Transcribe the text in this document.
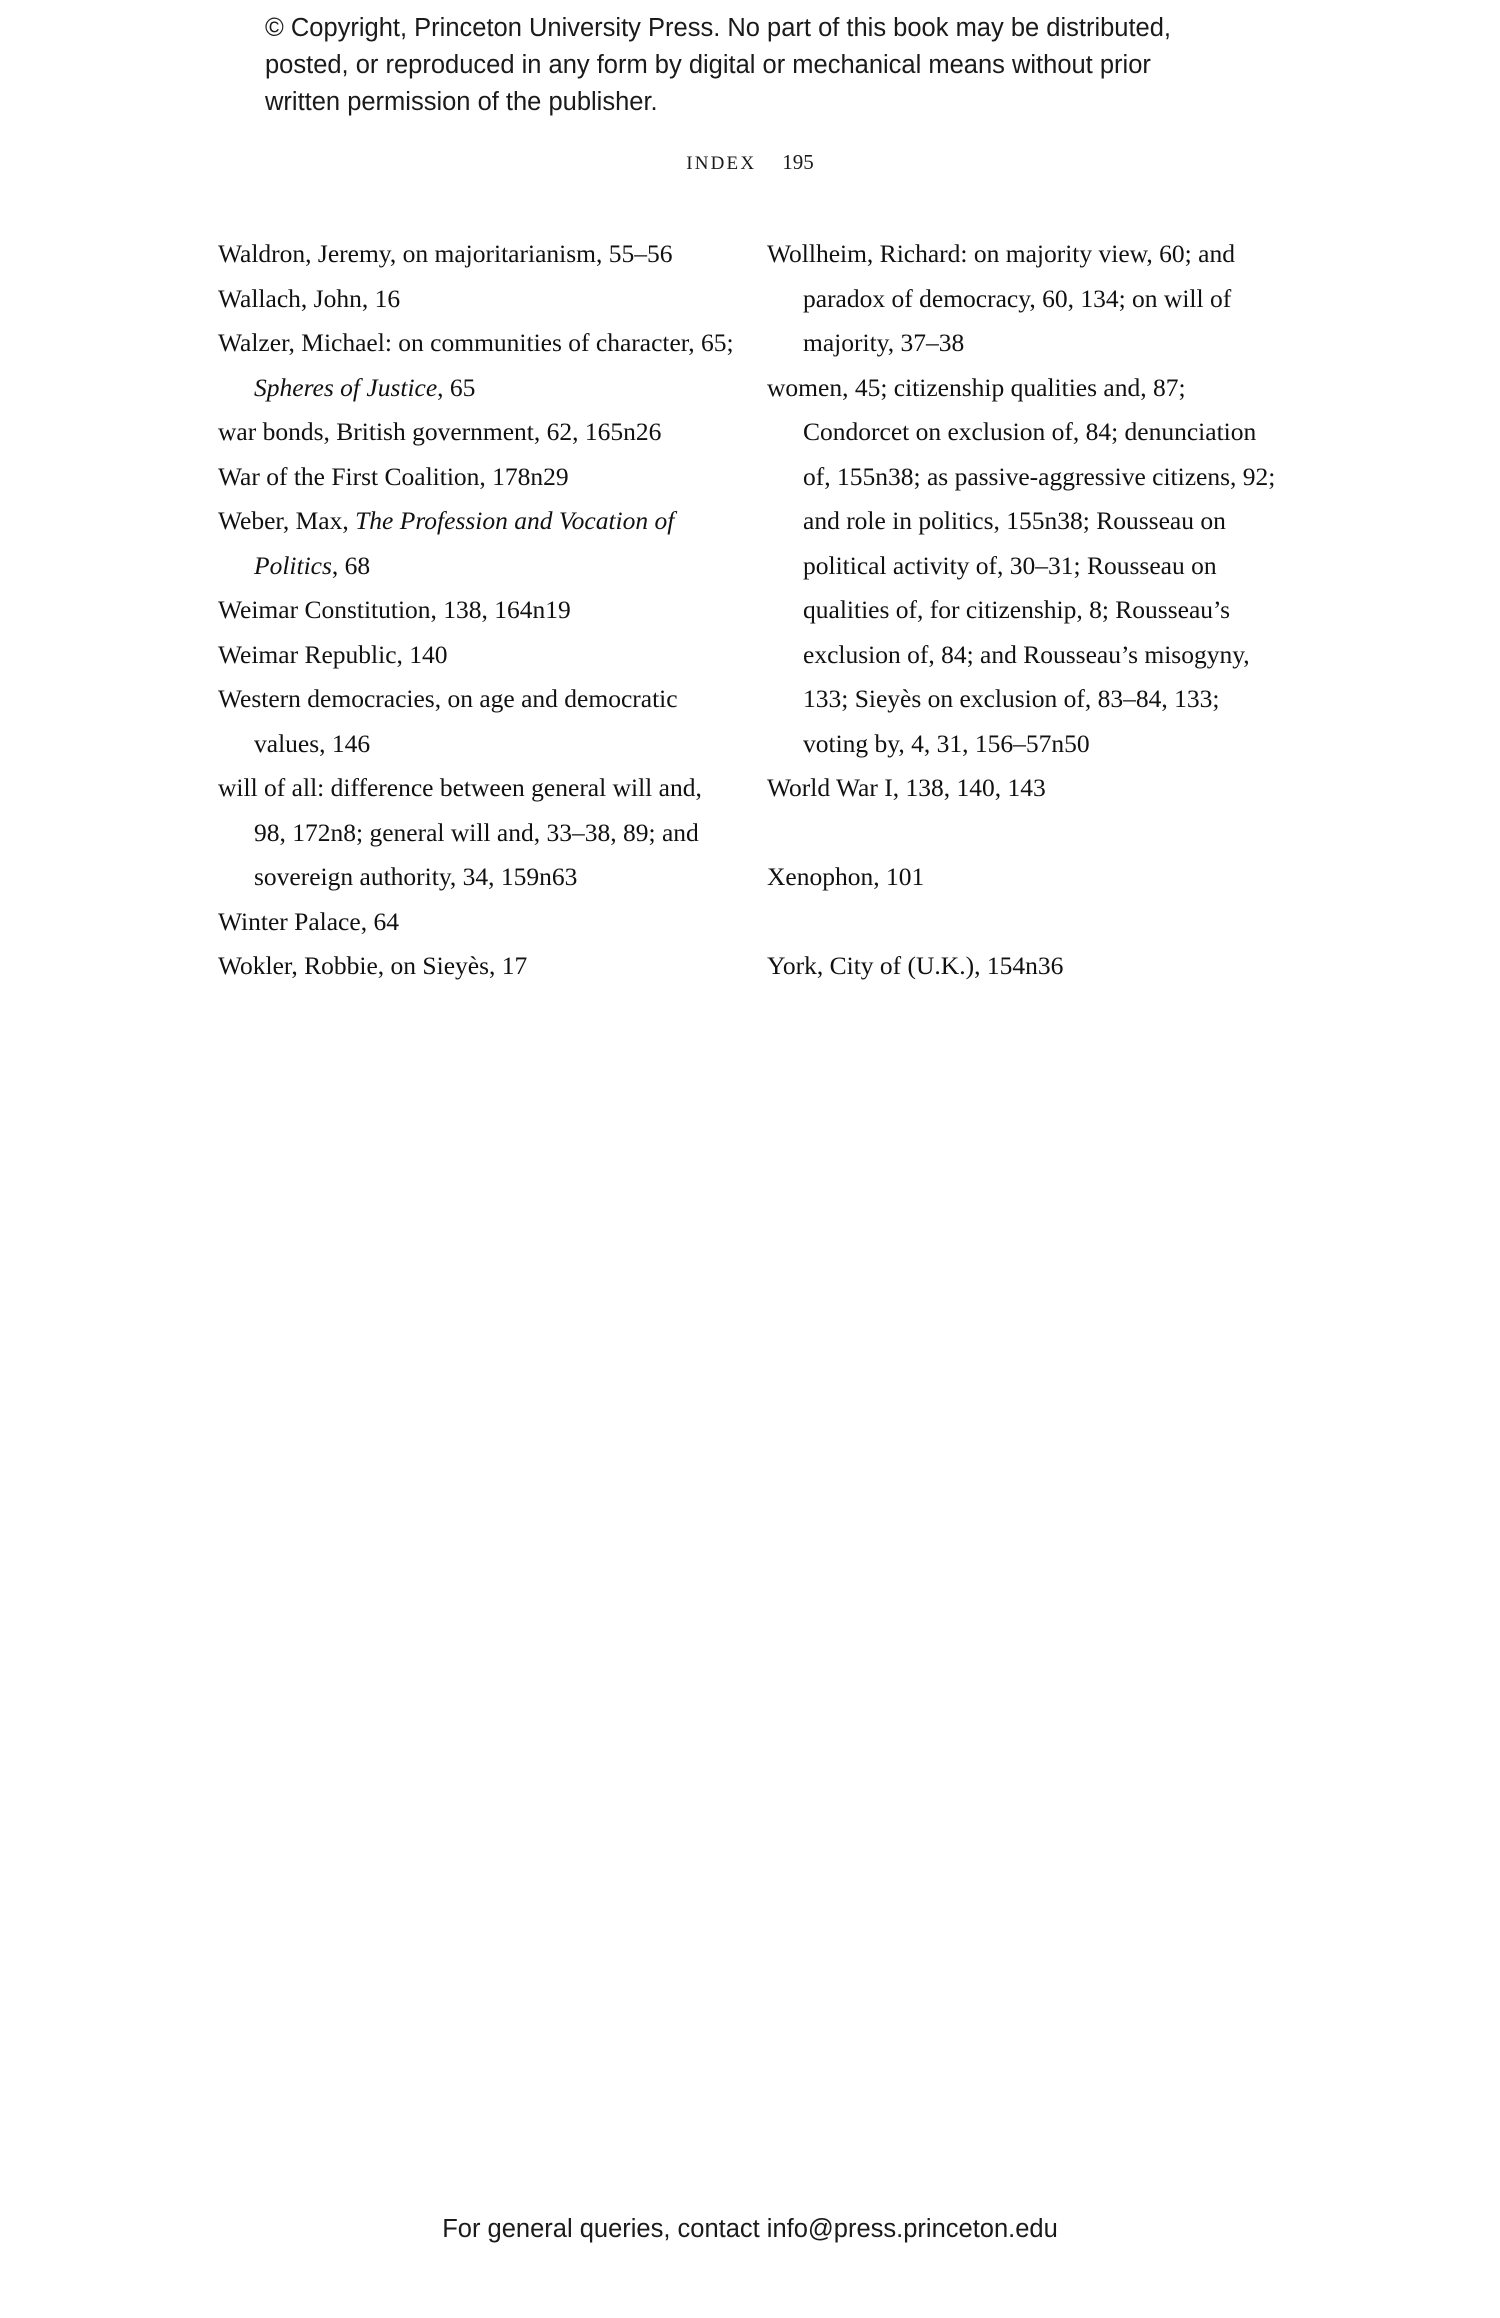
© Copyright, Princeton University Press. No part of this book may be distributed, posted, or reproduced in any form by digital or mechanical means without prior written permission of the publisher.
INDEX 195
Waldron, Jeremy, on majoritarianism, 55–56
Wallach, John, 16
Walzer, Michael: on communities of character, 65; Spheres of Justice, 65
war bonds, British government, 62, 165n26
War of the First Coalition, 178n29
Weber, Max, The Profession and Vocation of Politics, 68
Weimar Constitution, 138, 164n19
Weimar Republic, 140
Western democracies, on age and democratic values, 146
will of all: difference between general will and, 98, 172n8; general will and, 33–38, 89; and sovereign authority, 34, 159n63
Winter Palace, 64
Wokler, Robbie, on Sieyès, 17
Wollheim, Richard: on majority view, 60; and paradox of democracy, 60, 134; on will of majority, 37–38
women, 45; citizenship qualities and, 87; Condorcet on exclusion of, 84; denunciation of, 155n38; as passive-aggressive citizens, 92; and role in politics, 155n38; Rousseau on political activity of, 30–31; Rousseau on qualities of, for citizenship, 8; Rousseau’s exclusion of, 84; and Rousseau’s misogyny, 133; Sieyès on exclusion of, 83–84, 133; voting by, 4, 31, 156–57n50
World War I, 138, 140, 143
Xenophon, 101
York, City of (U.K.), 154n36
For general queries, contact info@press.princeton.edu
